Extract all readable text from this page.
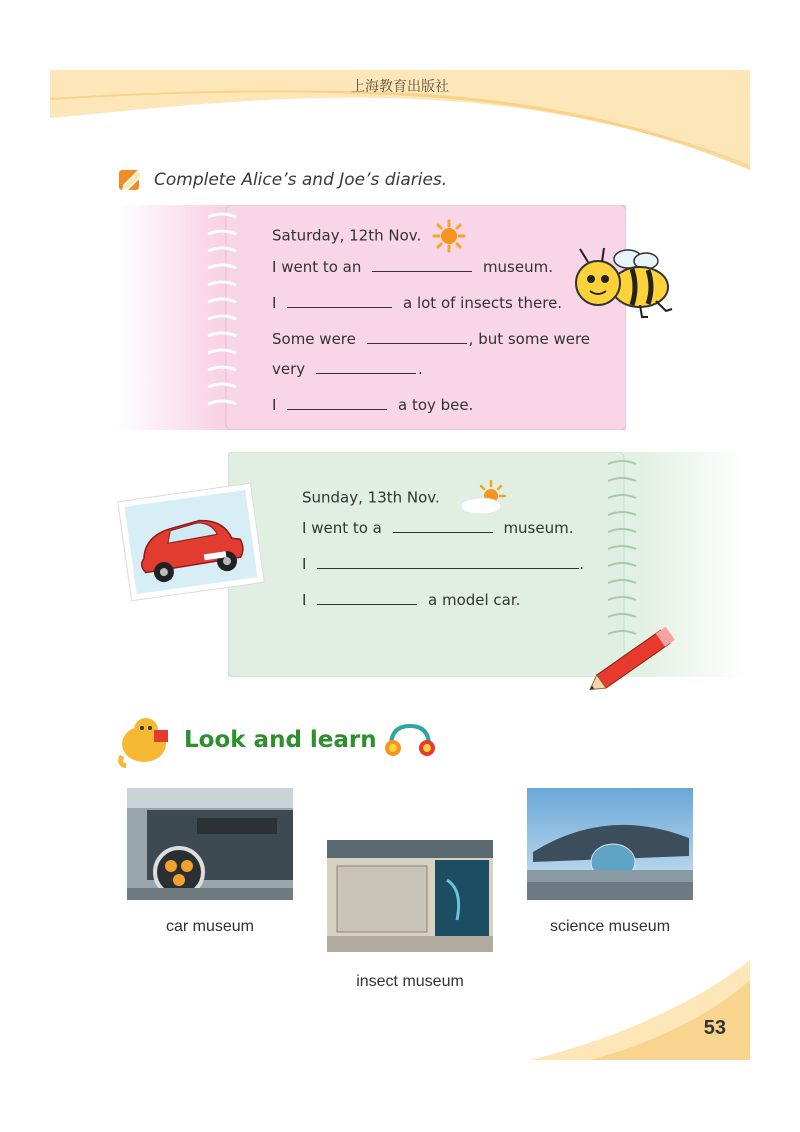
上海教育出版社
Complete Alice’s and Joe’s diaries.
Saturday, 12th Nov.
I went to an	museum.
I	a lot of insects there.
Some were	, but some were
very	.
I	a toy bee.
Sunday, 13th Nov.
I went to a	museum.
I	.
I	a model car.
Look and learn
car museum
insect museum
science museum
53
